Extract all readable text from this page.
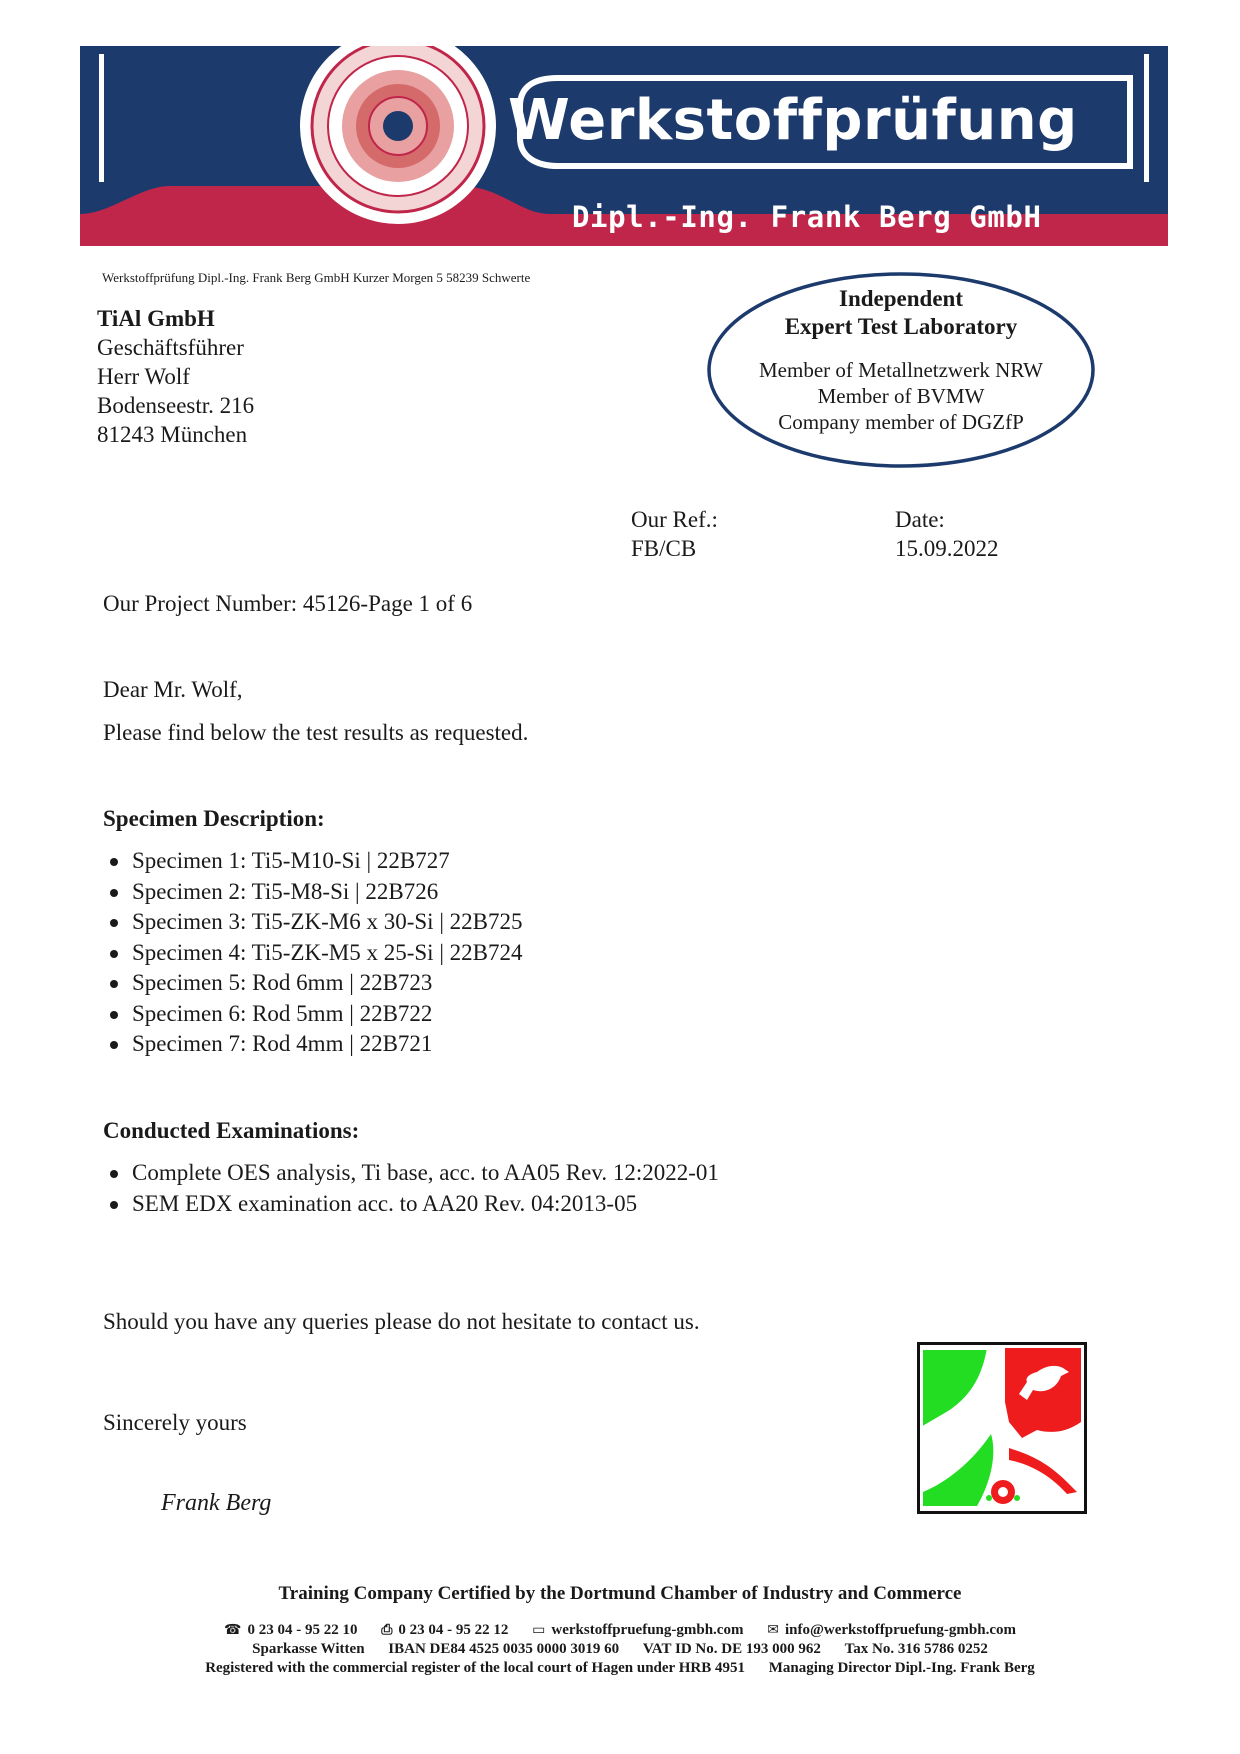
Werkstoffprüfung
Dipl.-Ing. Frank Berg GmbH
Werkstoffprüfung Dipl.-Ing. Frank Berg GmbH Kurzer Morgen 5 58239 Schwerte
TiAl GmbH
Geschäftsführer
Herr Wolf
Bodenseestr. 216
81243 München
Independent
Expert Test Laboratory
Member of Metallnetzwerk NRW
Member of BVMW
Company member of DGZfP
Our Ref.:
FB/CB
Date:
15.09.2022
Our Project Number: 45126-Page 1 of 6
Dear Mr. Wolf,
Please find below the test results as requested.
Specimen Description:
Specimen 1: Ti5-M10-Si | 22B727
Specimen 2: Ti5-M8-Si | 22B726
Specimen 3: Ti5-ZK-M6 x 30-Si | 22B725
Specimen 4: Ti5-ZK-M5 x 25-Si | 22B724
Specimen 5: Rod 6mm | 22B723
Specimen 6: Rod 5mm | 22B722
Specimen 7: Rod 4mm | 22B721
Conducted Examinations:
Complete OES analysis, Ti base, acc. to AA05 Rev. 12:2022-01
SEM EDX examination acc. to AA20 Rev. 04:2013-05
Should you have any queries please do not hesitate to contact us.
Sincerely yours
Frank Berg
Training Company Certified by the Dortmund Chamber of Industry and Commerce
☎ 0 23 04 - 95 22 10 ⎙ 0 23 04 - 95 22 12 ▭ werkstoffpruefung-gmbh.com ✉ info@werkstoffpruefung-gmbh.com
Sparkasse Witten IBAN DE84 4525 0035 0000 3019 60 VAT ID No. DE 193 000 962 Tax No. 316 5786 0252
Registered with the commercial register of the local court of Hagen under HRB 4951 Managing Director Dipl.-Ing. Frank Berg
